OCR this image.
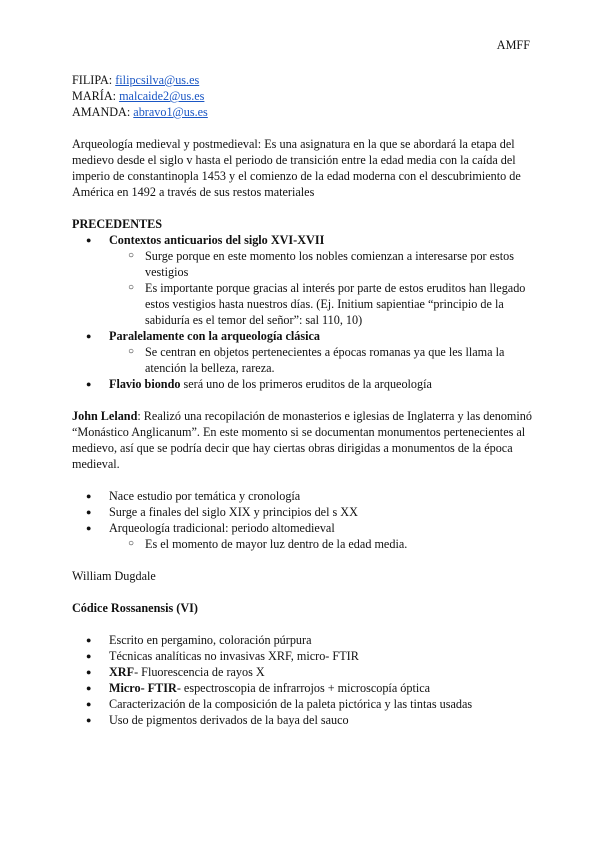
AMFF

FILIPA: filipcsilva@us.es

MARÍA: malcaide2@us.es

AMANDA: abravo1@us.es

Arqueología medieval y postmedieval: Es una asignatura en la que se abordará la etapa del medievo desde el siglo v hasta el periodo de transición entre la edad media con la caída del imperio de constantinopla 1453 y el comienzo de la edad moderna con el descubrimiento de América en 1492 a través de sus restos materiales

PRECEDENTES

● Contextos anticuarios del siglo XVI-XVII
○ Surge porque en este momento los nobles comienzan a interesarse por estos vestigios
○ Es importante porque gracias al interés por parte de estos eruditos han llegado estos vestigios hasta nuestros días. (Ej. Initium sapientiae “principio de la sabiduría es el temor del señor”: sal 110, 10)
● Paralelamente con la arqueología clásica
○ Se centran en objetos pertenecientes a épocas romanas ya que les llama la atención la belleza, rareza.
● Flavio biondo será uno de los primeros eruditos de la arqueología

John Leland: Realizó una recopilación de monasterios e iglesias de Inglaterra y las denominó “Monástico Anglicanum”. En este momento si se documentan monumentos pertenecientes al medievo, así que se podría decir que hay ciertas obras dirigidas a monumentos de la época medieval.

● Nace estudio por temática y cronología
● Surge a finales del siglo XIX y principios del s XX
● Arqueología tradicional: periodo altomedieval
○ Es el momento de mayor luz dentro de la edad media.

William Dugdale

Códice Rossanensis (VI)

● Escrito en pergamino, coloración púrpura
● Técnicas analíticas no invasivas XRF, micro- FTIR
● XRF- Fluorescencia de rayos X
● Micro- FTIR- espectroscopia de infrarrojos + microscopía óptica
● Caracterización de la composición de la paleta pictórica y las tintas usadas
● Uso de pigmentos derivados de la baya del sauco
